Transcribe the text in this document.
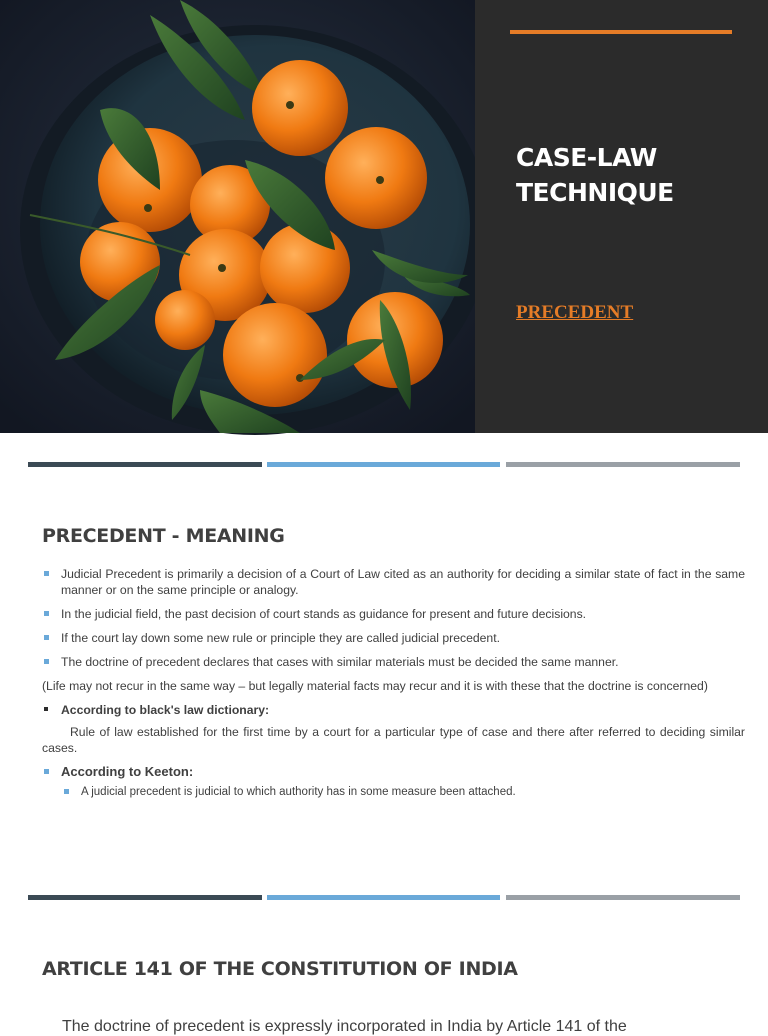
CASE-LAW TECHNIQUE
PRECEDENT
PRECEDENT - MEANING
Judicial Precedent is primarily a decision of a Court of Law cited as an authority for deciding a similar state of fact in the same manner or on the same principle or analogy.
In the judicial field, the past decision of court stands as guidance for present and future decisions.
If the court lay down some new rule or principle they are called judicial precedent.
The doctrine of precedent declares that cases with similar materials must be decided the same manner.
(Life may not recur in the same way – but legally material facts may recur and it is with these that the doctrine is concerned)
According to black's law dictionary:
Rule of law established for the first time by a court for a particular type of case and there after referred to deciding similar cases.
According to Keeton:
A judicial precedent is judicial to which authority has in some measure been attached.
ARTICLE 141 OF THE CONSTITUTION OF INDIA
The doctrine of precedent is expressly incorporated in India by Article 141 of the
